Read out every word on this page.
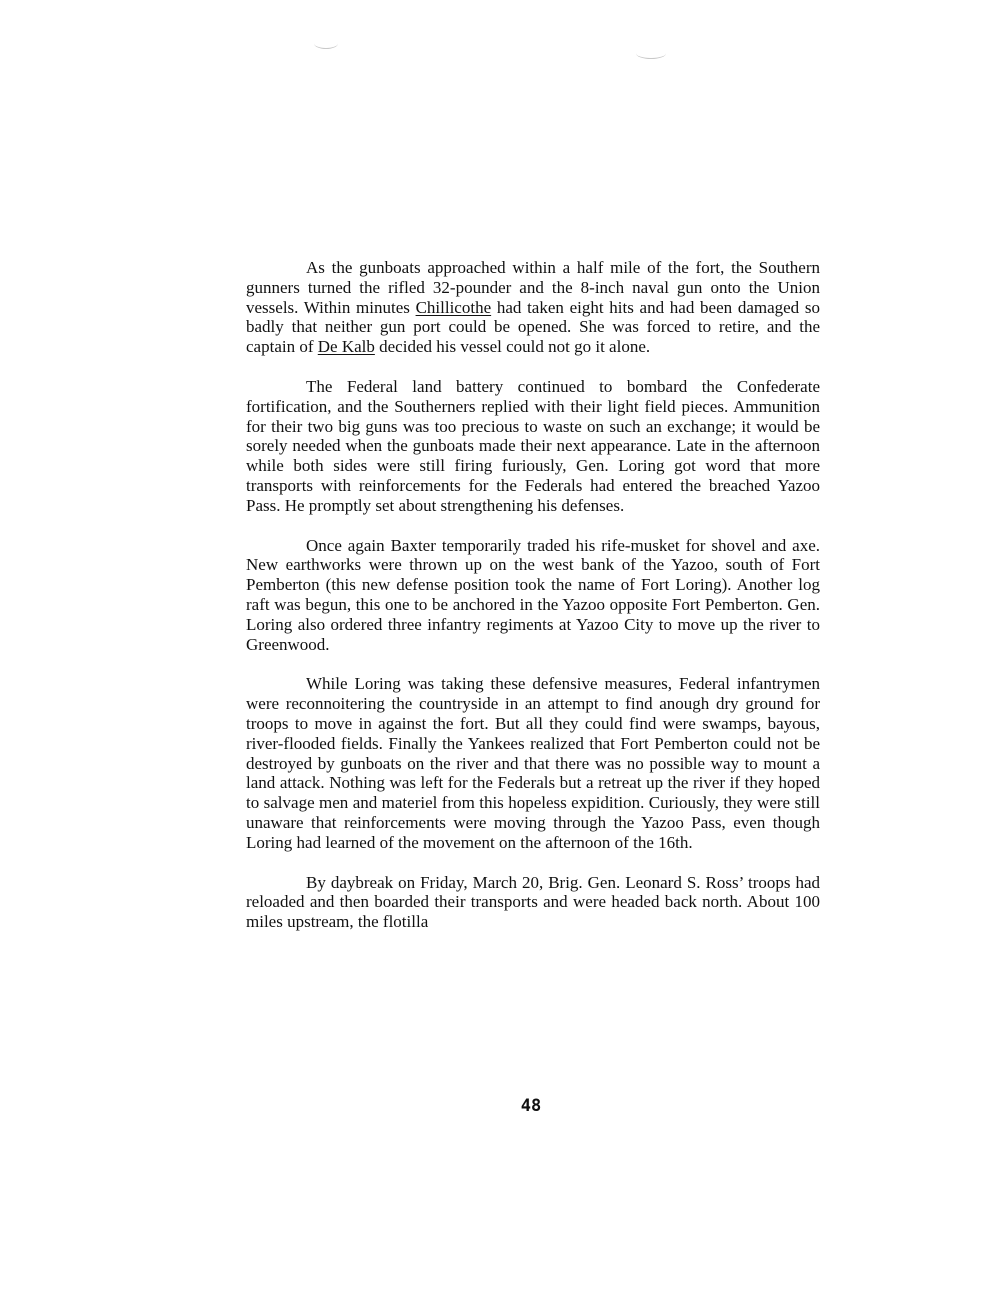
As the gunboats approached within a half mile of the fort, the Southern gunners turned the rifled 32-pounder and the 8-inch naval gun onto the Union vessels. Within minutes Chillicothe had taken eight hits and had been damaged so badly that neither gun port could be opened. She was forced to retire, and the captain of De Kalb decided his vessel could not go it alone.

The Federal land battery continued to bombard the Confederate fortification, and the Southerners replied with their light field pieces. Ammunition for their two big guns was too precious to waste on such an exchange; it would be sorely needed when the gunboats made their next appearance. Late in the afternoon while both sides were still firing furiously, Gen. Loring got word that more transports with reinforcements for the Federals had entered the breached Yazoo Pass. He promptly set about strengthening his defenses.

Once again Baxter temporarily traded his rife-musket for shovel and axe. New earthworks were thrown up on the west bank of the Yazoo, south of Fort Pemberton (this new defense position took the name of Fort Loring). Another log raft was begun, this one to be anchored in the Yazoo opposite Fort Pemberton. Gen. Loring also ordered three infantry regiments at Yazoo City to move up the river to Greenwood.

While Loring was taking these defensive measures, Federal infantrymen were reconnoitering the countryside in an attempt to find anough dry ground for troops to move in against the fort. But all they could find were swamps, bayous, river-flooded fields. Finally the Yankees realized that Fort Pemberton could not be destroyed by gunboats on the river and that there was no possible way to mount a land attack. Nothing was left for the Federals but a retreat up the river if they hoped to salvage men and materiel from this hopeless expidition. Curiously, they were still unaware that reinforcements were moving through the Yazoo Pass, even though Loring had learned of the movement on the afternoon of the 16th.

By daybreak on Friday, March 20, Brig. Gen. Leonard S. Ross’ troops had reloaded and then boarded their transports and were headed back north. About 100 miles upstream, the flotilla

48
